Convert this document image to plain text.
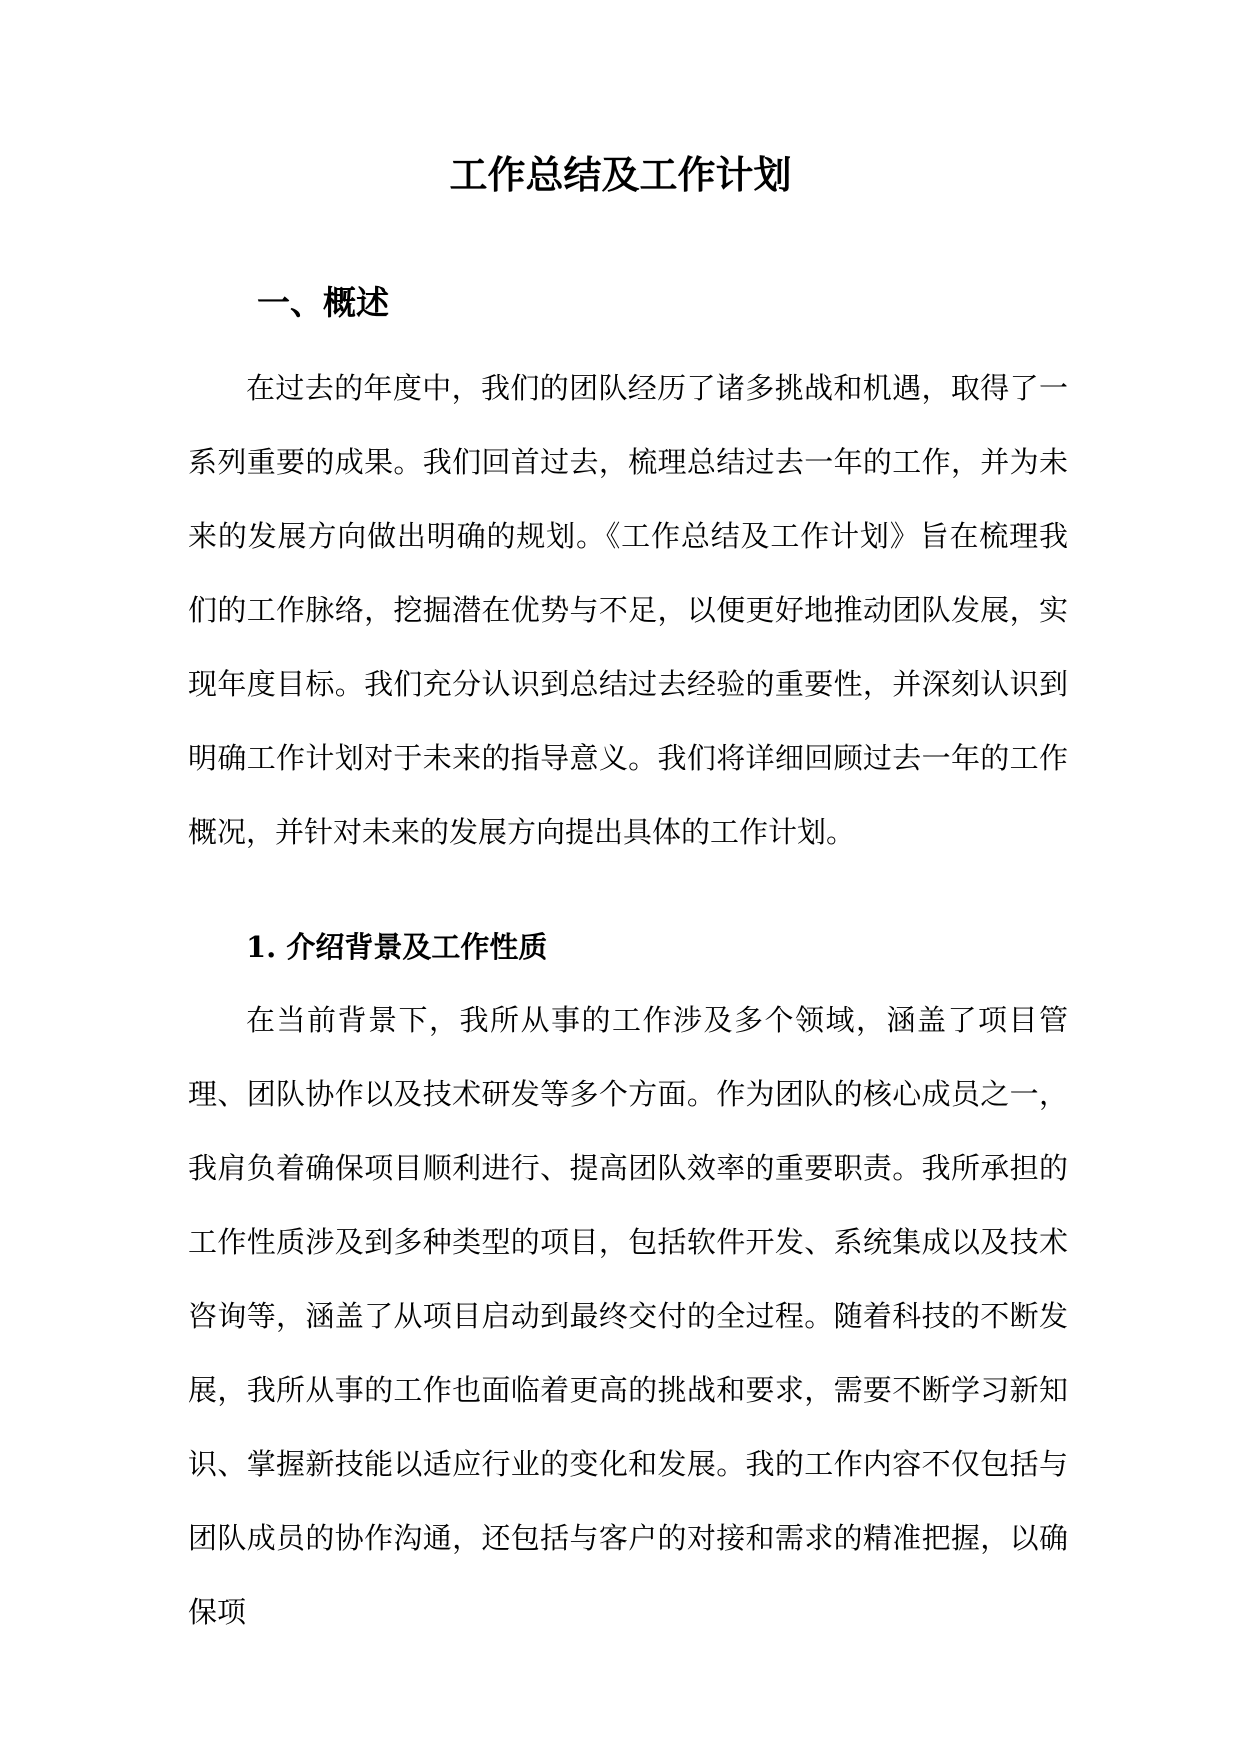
工作总结及工作计划
一、概述

在过去的年度中，我们的团队经历了诸多挑战和机遇，取得了一系列重要的成果。我们回首过去，梳理总结过去一年的工作，并为未来的发展方向做出明确的规划。《工作总结及工作计划》旨在梳理我们的工作脉络，挖掘潜在优势与不足，以便更好地推动团队发展，实现年度目标。我们充分认识到总结过去经验的重要性，并深刻认识到明确工作计划对于未来的指导意义。我们将详细回顾过去一年的工作概况，并针对未来的发展方向提出具体的工作计划。

1. 介绍背景及工作性质

在当前背景下，我所从事的工作涉及多个领域，涵盖了项目管理、团队协作以及技术研发等多个方面。作为团队的核心成员之一，我肩负着确保项目顺利进行、提高团队效率的重要职责。我所承担的工作性质涉及到多种类型的项目，包括软件开发、系统集成以及技术咨询等，涵盖了从项目启动到最终交付的全过程。随着科技的不断发展，我所从事的工作也面临着更高的挑战和要求，需要不断学习新知识、掌握新技能以适应行业的变化和发展。我的工作内容不仅包括与团队成员的协作沟通，还包括与客户的对接和需求的精准把握，以确保项
